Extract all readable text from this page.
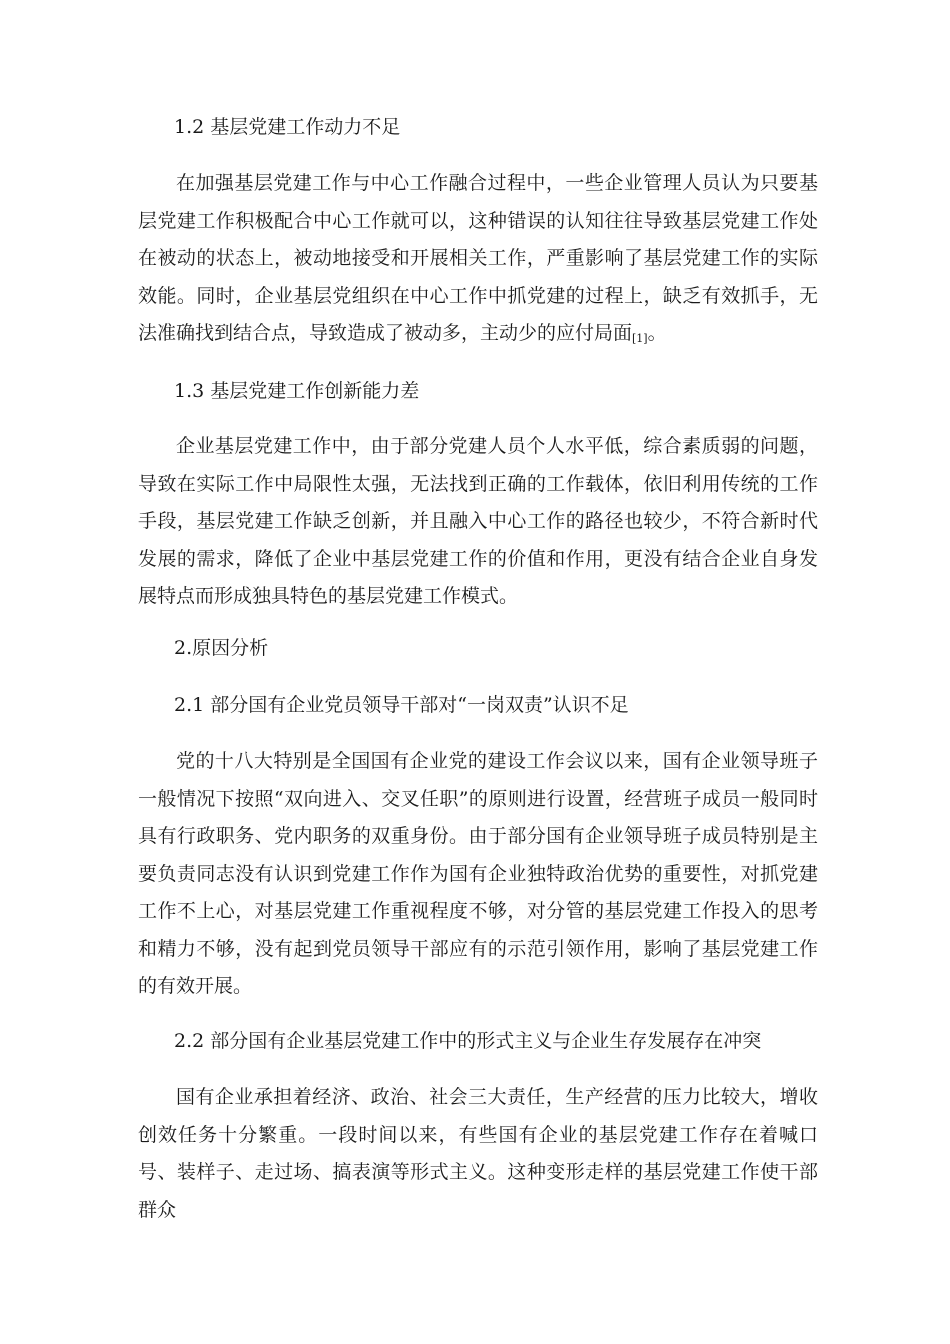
1.2 基层党建工作动力不足

在加强基层党建工作与中心工作融合过程中，一些企业管理人员认为只要基层党建工作积极配合中心工作就可以，这种错误的认知往往导致基层党建工作处在被动的状态上，被动地接受和开展相关工作，严重影响了基层党建工作的实际效能。同时，企业基层党组织在中心工作中抓党建的过程上，缺乏有效抓手，无法准确找到结合点，导致造成了被动多，主动少的应付局面[1]。

1.3 基层党建工作创新能力差

企业基层党建工作中，由于部分党建人员个人水平低，综合素质弱的问题，导致在实际工作中局限性太强，无法找到正确的工作载体，依旧利用传统的工作手段，基层党建工作缺乏创新，并且融入中心工作的路径也较少，不符合新时代发展的需求，降低了企业中基层党建工作的价值和作用，更没有结合企业自身发展特点而形成独具特色的基层党建工作模式。

2.原因分析
2.1 部分国有企业党员领导干部对“一岗双责”认识不足

党的十八大特别是全国国有企业党的建设工作会议以来，国有企业领导班子一般情况下按照“双向进入、交叉任职”的原则进行设置，经营班子成员一般同时具有行政职务、党内职务的双重身份。由于部分国有企业领导班子成员特别是主要负责同志没有认识到党建工作作为国有企业独特政治优势的重要性，对抓党建工作不上心，对基层党建工作重视程度不够，对分管的基层党建工作投入的思考和精力不够，没有起到党员领导干部应有的示范引领作用，影响了基层党建工作的有效开展。

2.2 部分国有企业基层党建工作中的形式主义与企业生存发展存在冲突

国有企业承担着经济、政治、社会三大责任，生产经营的压力比较大，增收创效任务十分繁重。一段时间以来，有些国有企业的基层党建工作存在着喊口号、装样子、走过场、搞表演等形式主义。这种变形走样的基层党建工作使干部群众
